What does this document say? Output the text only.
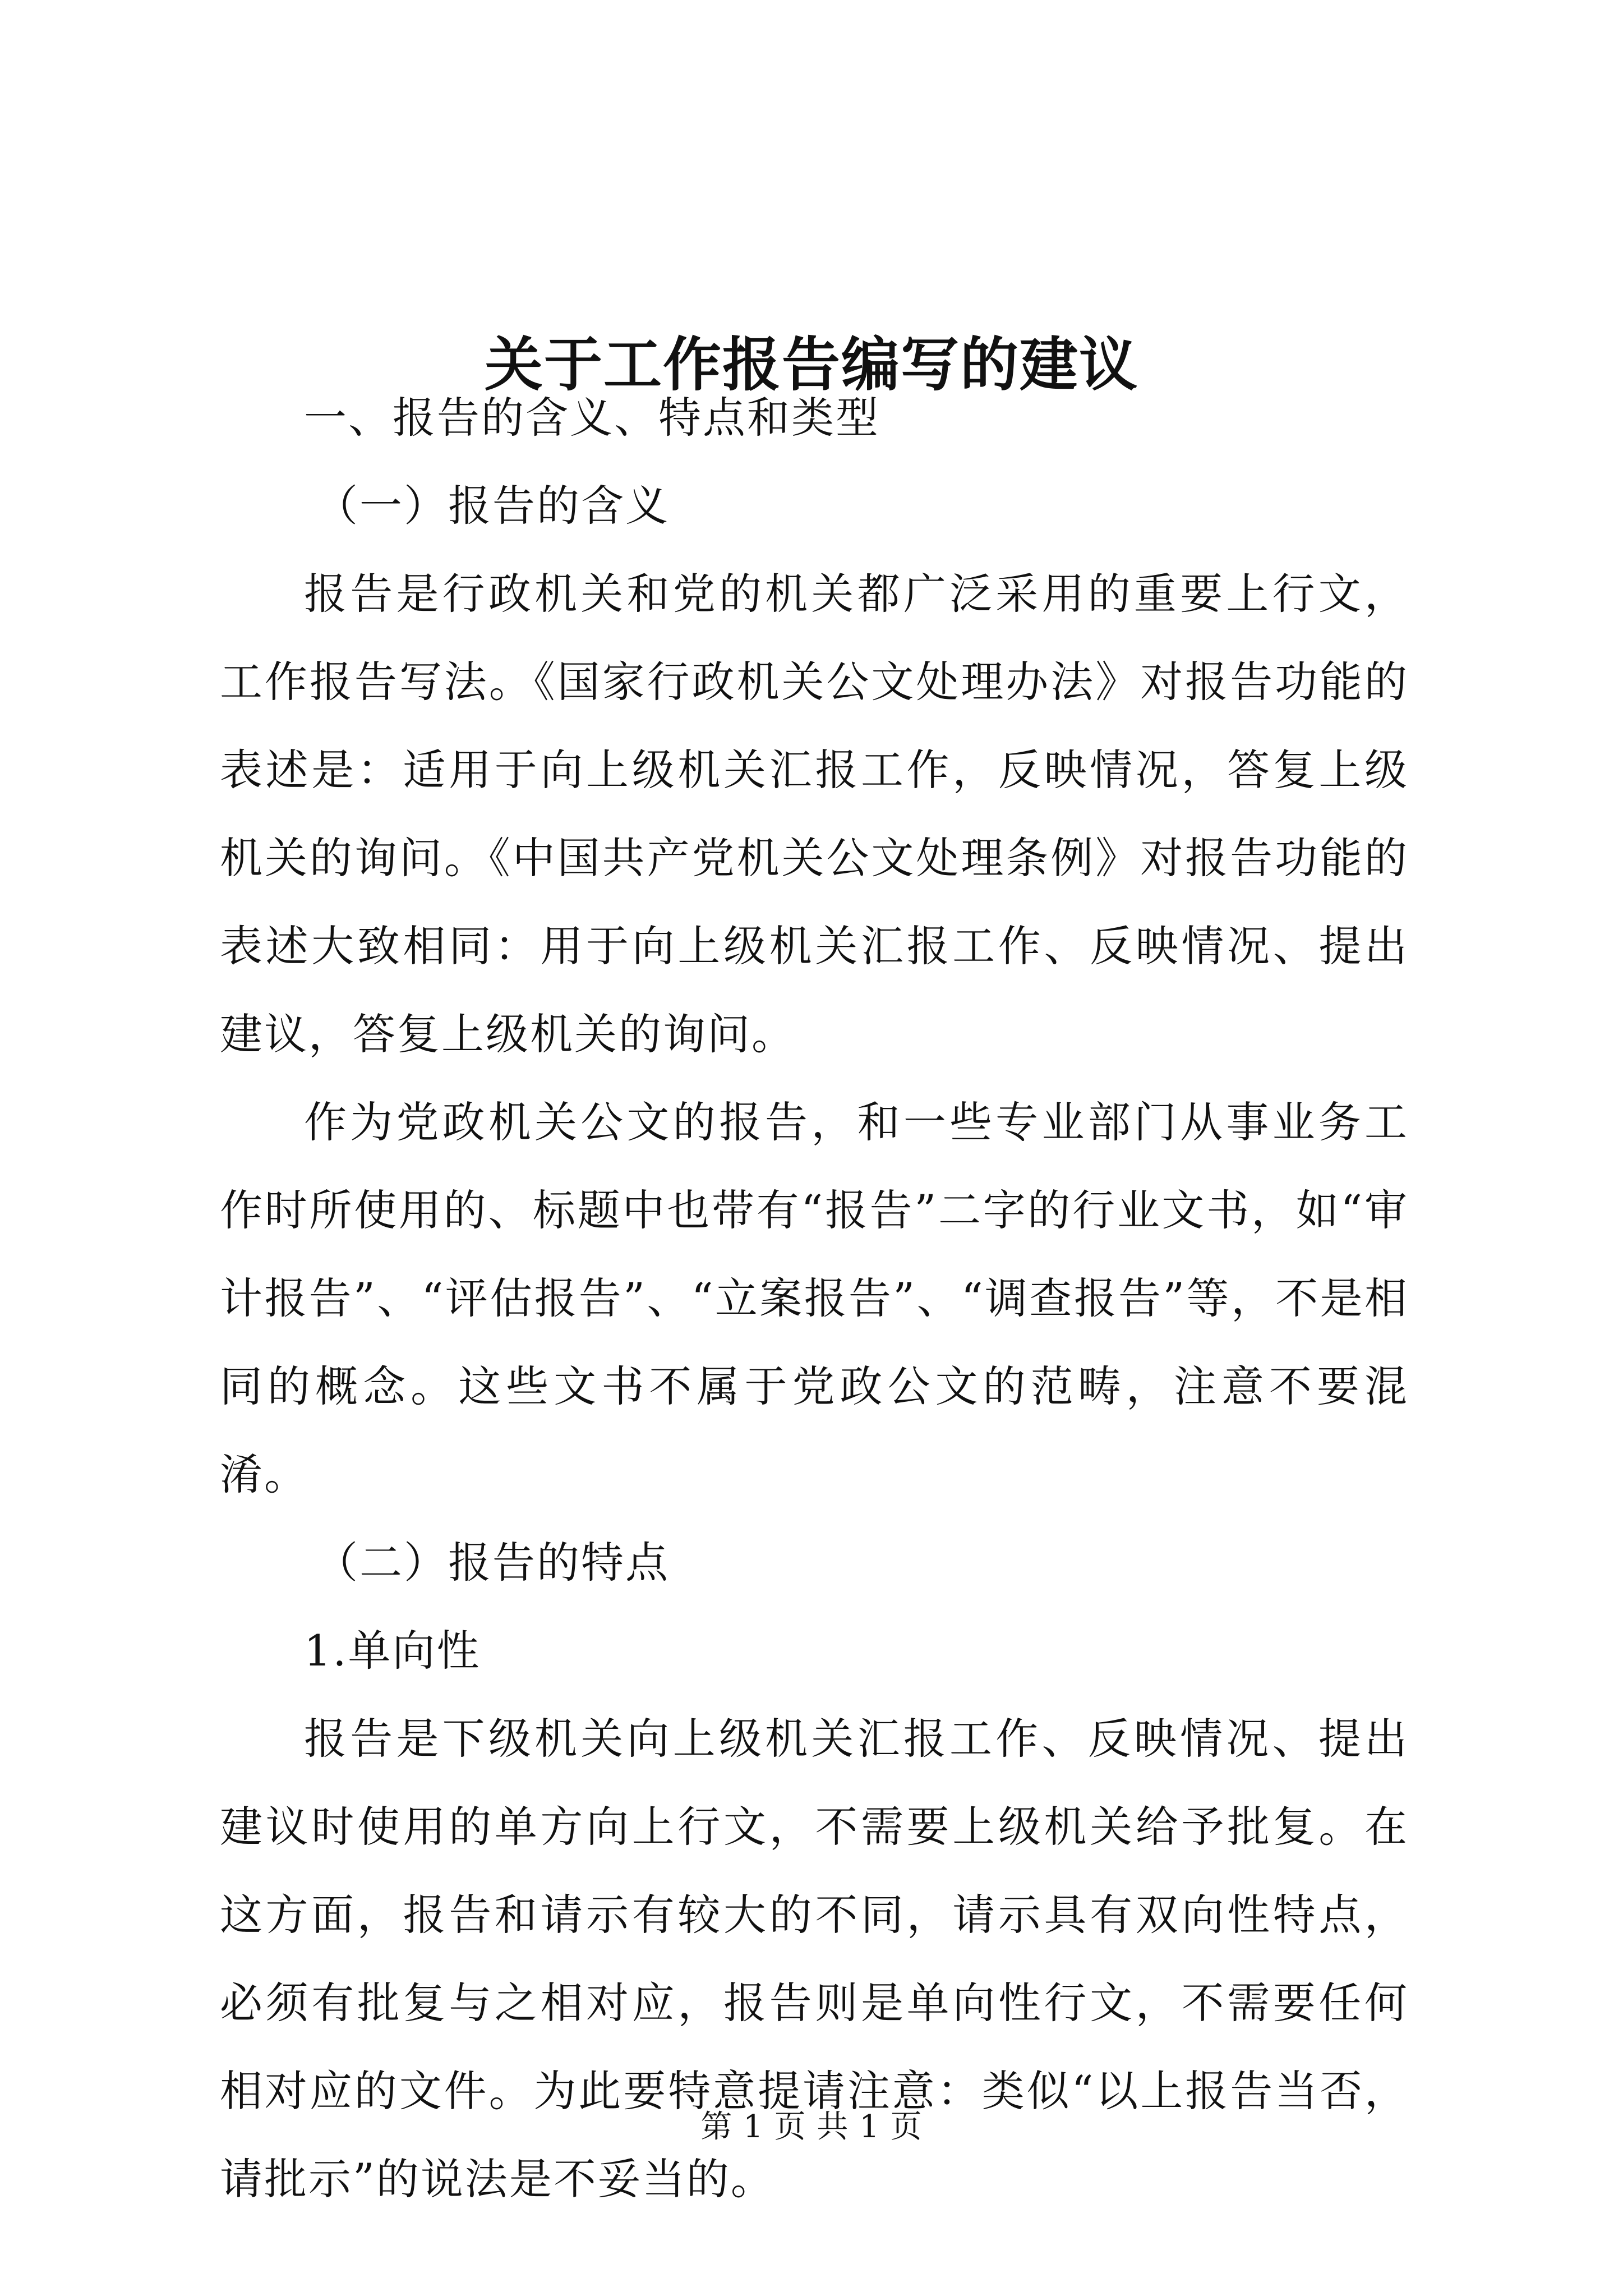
关于工作报告编写的建议

一、报告的含义、特点和类型

（一）报告的含义

报告是行政机关和党的机关都广泛采用的重要上行文，工作报告写法。《国家行政机关公文处理办法》对报告功能的表述是：适用于向上级机关汇报工作，反映情况，答复上级机关的询问。《中国共产党机关公文处理条例》对报告功能的表述大致相同：用于向上级机关汇报工作、反映情况、提出建议，答复上级机关的询问。

作为党政机关公文的报告，和一些专业部门从事业务工作时所使用的、标题中也带有“报告”二字的行业文书，如“审计报告”、“评估报告”、“立案报告”、“调查报告”等，不是相同的概念。这些文书不属于党政公文的范畴，注意不要混淆。

（二）报告的特点

1.单向性

报告是下级机关向上级机关汇报工作、反映情况、提出建议时使用的单方向上行文，不需要上级机关给予批复。在这方面，报告和请示有较大的不同，请示具有双向性特点，必须有批复与之相对应，报告则是单向性行文，不需要任何相对应的文件。为此要特意提请注意：类似“以上报告当否，请批示”的说法是不妥当的。

第 1 页 共 1 页
